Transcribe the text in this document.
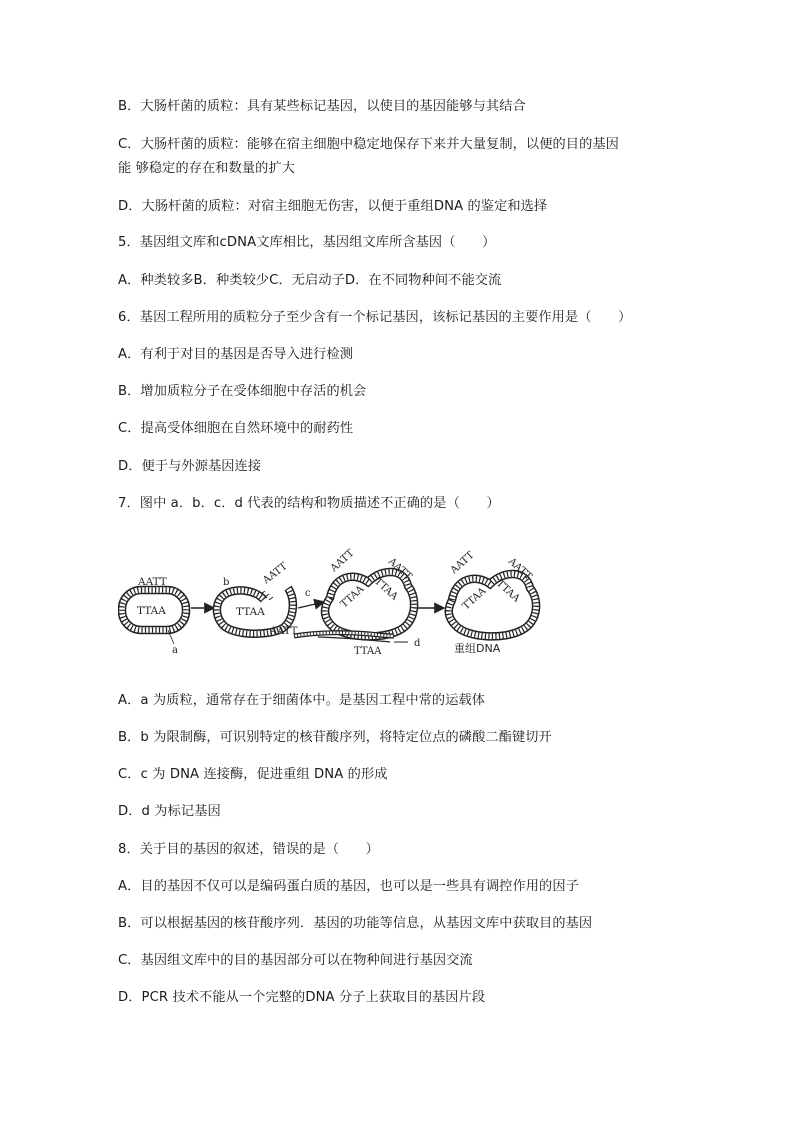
B．大肠杆菌的质粒：具有某些标记基因，以使目的基因能够与其结合
C．大肠杆菌的质粒：能够在宿主细胞中稳定地保存下来并大量复制，以便的目的基因
能 够稳定的存在和数量的扩大
D．大肠杆菌的质粒：对宿主细胞无伤害，以便于重组DNA 的鉴定和选择
5．基因组文库和cDNA文库相比，基因组文库所含基因（　　）
A．种类较多B．种类较少C．无启动子D．在不同物种间不能交流
6．基因工程所用的质粒分子至少含有一个标记基因，该标记基因的主要作用是（　　）
A．有利于对目的基因是否导入进行检测
B．增加质粒分子在受体细胞中存活的机会
C．提高受体细胞在自然环境中的耐药性
D．便于与外源基因连接
7．图中 a．b．c．d 代表的结构和物质描述不正确的是（　　）
AATT
TTAA
a
b
TTAA
AATT
c
AATT	AATT
TTAA TTAA
AATT	AATT
TTAA TTAA
重组DNA
AATT
TTAA
d
A．a 为质粒，通常存在于细菌体中。是基因工程中常的运载体
B．b 为限制酶，可识别特定的核苷酸序列，将特定位点的磷酸二酯键切开
C．c 为 DNA 连接酶，促进重组 DNA 的形成
D．d 为标记基因
8．关于目的基因的叙述，错误的是（　　）
A．目的基因不仅可以是编码蛋白质的基因，也可以是一些具有调控作用的因子
B．可以根据基因的核苷酸序列．基因的功能等信息，从基因文库中获取目的基因
C．基因组文库中的目的基因部分可以在物种间进行基因交流
D．PCR 技术不能从一个完整的DNA 分子上获取目的基因片段
